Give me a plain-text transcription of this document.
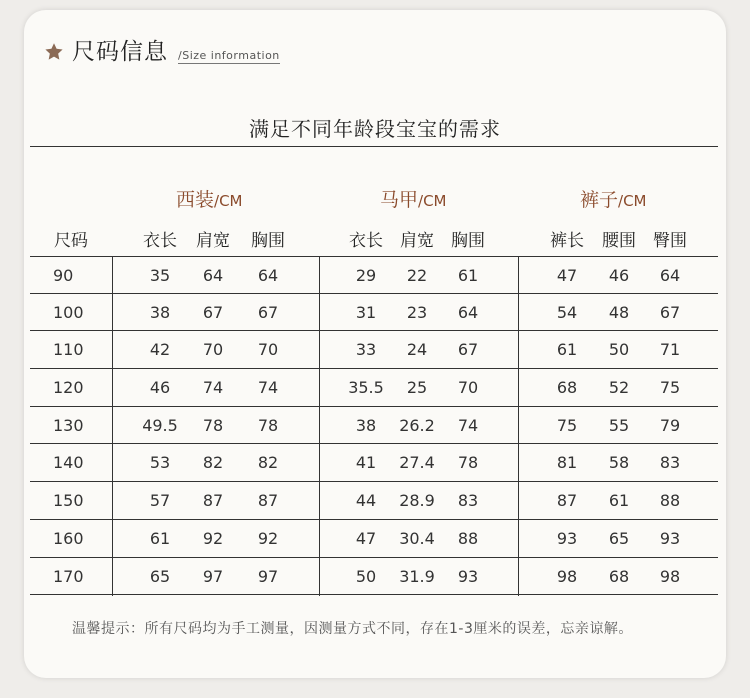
尺码信息 /Size information
满足不同年龄段宝宝的需求
西装/CM	马甲/CM	裤子/CM
尺码	衣长	肩宽	胸围	衣长	肩宽	胸围	裤长	腰围	臀围
90	35	64	64	29	22	61	47	46	64
100	38	67	67	31	23	64	54	48	67
110	42	70	70	33	24	67	61	50	71
120	46	74	74	35.5	25	70	68	52	75
130	49.5	78	78	38	26.2	74	75	55	79
140	53	82	82	41	27.4	78	81	58	83
150	57	87	87	44	28.9	83	87	61	88
160	61	92	92	47	30.4	88	93	65	93
170	65	97	97	50	31.9	93	98	68	98
温馨提示：所有尺码均为手工测量，因测量方式不同，存在1-3厘米的误差，忘亲谅解。
